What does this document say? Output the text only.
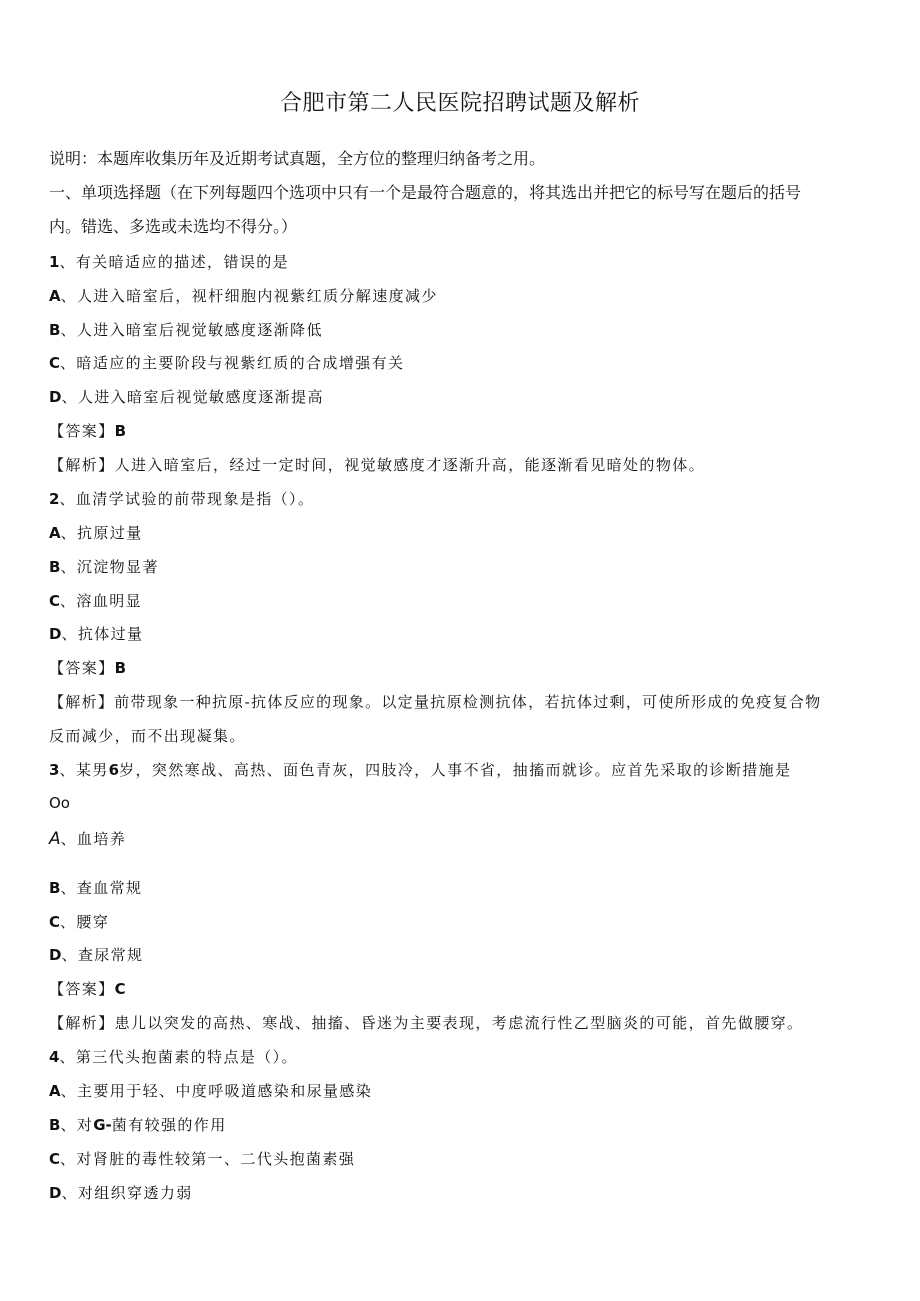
合肥市第二人民医院招聘试题及解析
说明：本题库收集历年及近期考试真题，全方位的整理归纳备考之用。
一、单项选择题（在下列每题四个选项中只有一个是最符合题意的，将其选出并把它的标号写在题后的括号
内。错选、多选或未选均不得分。）
1、有关暗适应的描述，错误的是
A、人进入暗室后，视杆细胞内视紫红质分解速度减少
B、人进入暗室后视觉敏感度逐渐降低
C、暗适应的主要阶段与视紫红质的合成增强有关
D、人进入暗室后视觉敏感度逐渐提高
【答案】B
【解析】人进入暗室后，经过一定时间，视觉敏感度才逐渐升高，能逐渐看见暗处的物体。
2、血清学试验的前带现象是指（）。
A、抗原过量
B、沉淀物显著
C、溶血明显
D、抗体过量
【答案】B
【解析】前带现象一种抗原-抗体反应的现象。以定量抗原检测抗体，若抗体过剩，可使所形成的免疫复合物
反而减少，而不出现凝集。
3、某男6岁，突然寒战、高热、面色青灰，四肢冷，人事不省，抽搐而就诊。应首先采取的诊断措施是
Oo
A、血培养
B、查血常规
C、腰穿
D、查尿常规
【答案】C
【解析】患儿以突发的高热、寒战、抽搐、昏迷为主要表现，考虑流行性乙型脑炎的可能，首先做腰穿。
4、第三代头抱菌素的特点是（）。
A、主要用于轻、中度呼吸道感染和尿量感染
B、对G-菌有较强的作用
C、对肾脏的毒性较第一、二代头抱菌素强
D、对组织穿透力弱
